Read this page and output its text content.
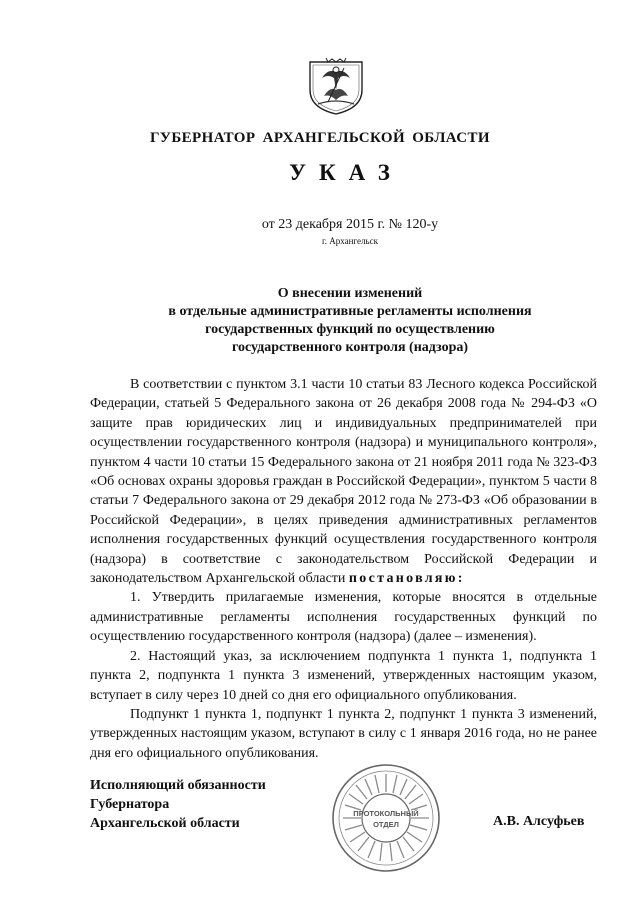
ГУБЕРНАТОР АРХАНГЕЛЬСКОЙ ОБЛАСТИ
УКАЗ
от 23 декабря 2015 г. № 120-у
г. Архангельск
О внесении изменений
в отдельные административные регламенты исполнения
государственных функций по осуществлению
государственного контроля (надзора)

В соответствии с пунктом 3.1 части 10 статьи 83 Лесного кодекса Российской Федерации, статьей 5 Федерального закона от 26 декабря 2008 года № 294-ФЗ «О защите прав юридических лиц и индивидуальных предпринимателей при осуществлении государственного контроля (надзора) и муниципального контроля», пунктом 4 части 10 статьи 15 Федерального закона от 21 ноября 2011 года № 323-ФЗ «Об основах охраны здоровья граждан в Российской Федерации», пунктом 5 части 8 статьи 7 Федерального закона от 29 декабря 2012 года № 273-ФЗ «Об образовании в Российской Федерации», в целях приведения административных регламентов исполнения государственных функций осуществления государственного контроля (надзора) в соответствие с законодательством Российской Федерации и законодательством Архангельской области постановляю:

1. Утвердить прилагаемые изменения, которые вносятся в отдельные административные регламенты исполнения государственных функций по осуществлению государственного контроля (надзора) (далее – изменения).

2. Настоящий указ, за исключением подпункта 1 пункта 1, подпункта 1 пункта 2, подпункта 1 пункта 3 изменений, утвержденных настоящим указом, вступает в силу через 10 дней со дня его официального опубликования.

Подпункт 1 пункта 1, подпункт 1 пункта 2, подпункт 1 пункта 3 изменений, утвержденных настоящим указом, вступают в силу с 1 января 2016 года, но не ранее дня его официального опубликования.

Исполняющий обязанности
Губернатора
Архангельской области
ПРОТОКОЛЬНЫЙ
ОТДЕЛ	А.В. Алсуфьев
